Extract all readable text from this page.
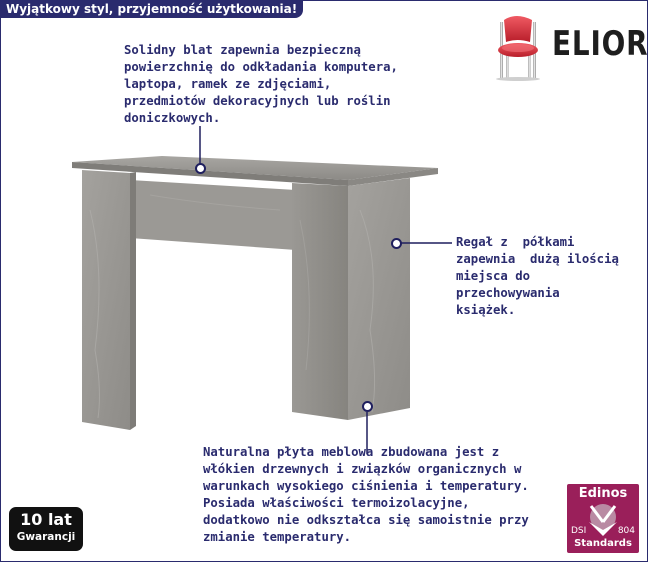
Wyjątkowy styl, przyjemność użytkowania!
ELIOR
Solidny blat zapewnia bezpieczną
powierzchnię do odkładania komputera,
laptopa, ramek ze zdjęciami,
przedmiotów dekoracyjnych lub roślin
doniczkowych.
Regał z  półkami
zapewnia  dużą ilością
miejsca do
przechowywania
książek.
Naturalna płyta meblowa zbudowana jest z
włókien drzewnych i związków organicznych w
warunkach wysokiego ciśnienia i temperatury.
Posiada właściwości termoizolacyjne,
dodatkowo nie odkształca się samoistnie przy
zmianie temperatury.
10 lat
Gwarancji
Edinos
DSI	804
Standards
